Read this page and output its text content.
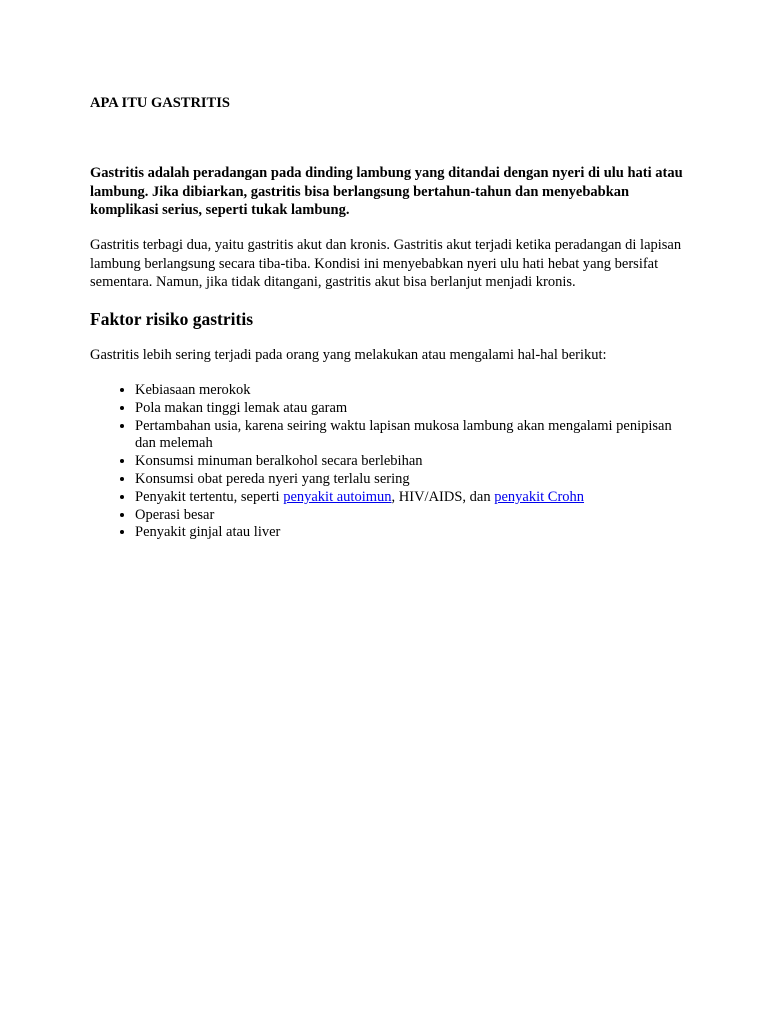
APA ITU GASTRITIS

Gastritis adalah peradangan pada dinding lambung yang ditandai dengan nyeri di ulu hati atau lambung. Jika dibiarkan, gastritis bisa berlangsung bertahun-tahun dan menyebabkan komplikasi serius, seperti tukak lambung.

Gastritis terbagi dua, yaitu gastritis akut dan kronis. Gastritis akut terjadi ketika peradangan di lapisan lambung berlangsung secara tiba-tiba. Kondisi ini menyebabkan nyeri ulu hati hebat yang bersifat sementara. Namun, jika tidak ditangani, gastritis akut bisa berlanjut menjadi kronis.

Faktor risiko gastritis

Gastritis lebih sering terjadi pada orang yang melakukan atau mengalami hal-hal berikut:

• Kebiasaan merokok
• Pola makan tinggi lemak atau garam
• Pertambahan usia, karena seiring waktu lapisan mukosa lambung akan mengalami penipisan dan melemah
• Konsumsi minuman beralkohol secara berlebihan
• Konsumsi obat pereda nyeri yang terlalu sering
• Penyakit tertentu, seperti penyakit autoimun, HIV/AIDS, dan penyakit Crohn
• Operasi besar
• Penyakit ginjal atau liver
